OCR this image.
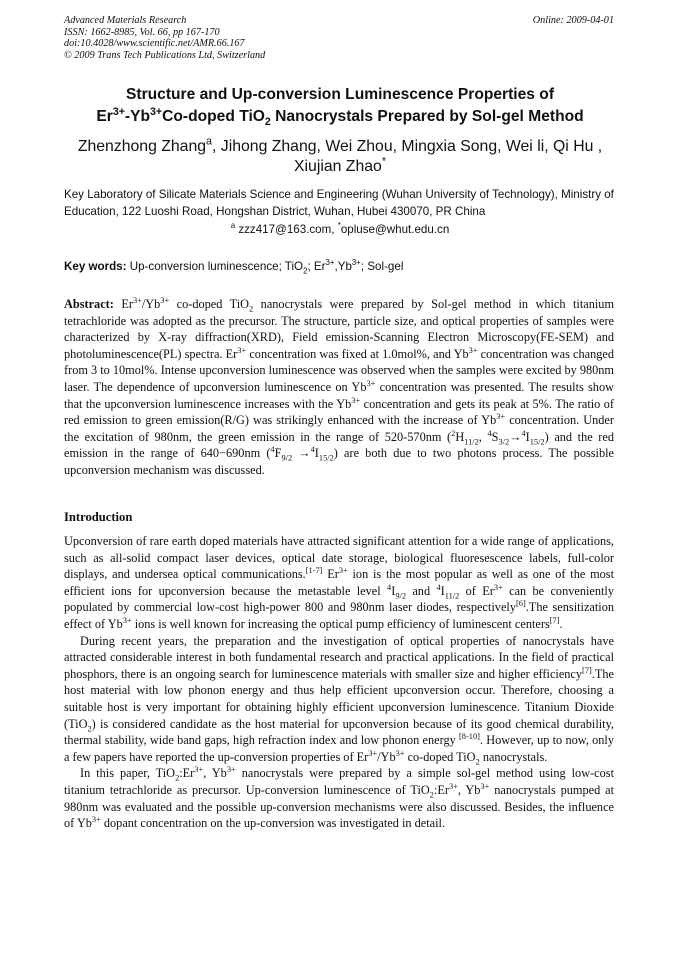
Advanced Materials Research
ISSN: 1662-8985, Vol. 66, pp 167-170
doi:10.4028/www.scientific.net/AMR.66.167
© 2009 Trans Tech Publications Ltd, Switzerland
Online: 2009-04-01
Structure and Up-conversion Luminescence Properties of
$Er^{3+}-Yb^{3+}Co$-doped TiO$_2$ Nanocrystals Prepared by Sol-gel Method
Zhenzhong Zhang$^a$, Jihong Zhang, Wei Zhou, Mingxia Song, Wei li, Qi Hu ,
Xiujian Zhao*
Key Laboratory of Silicate Materials Science and Engineering (Wuhan University of Technology), Ministry of Education, 122 Luoshi Road, Hongshan District, Wuhan, Hubei 430070, PR China
$^a$ zzz417@163.com, *opluse@whut.edu.cn
Key words: Up-conversion luminescence; TiO$_2$; $Er^{3+},Yb^{3+}$; Sol-gel

Abstract: $Er^{3+}/Yb^{3+}$ co-doped TiO$_2$ nanocrystals were prepared by Sol-gel method in which titanium tetrachloride was adopted as the precursor. The structure, particle size, and optical properties of samples were characterized by X-ray diffraction(XRD), Field emission-Scanning Electron Microscopy(FE-SEM) and photoluminescence(PL) spectra. $Er^{3+}$ concentration was fixed at 1.0mol%, and $Yb^{3+}$ concentration was changed from 3 to 10mol%. Intense upconversion luminescence was observed when the samples were excited by 980nm laser. The dependence of upconversion luminescence on $Yb^{3+}$ concentration was presented. The results show that the upconversion luminescence increases with the $Yb^{3+}$ concentration and gets its peak at 5%. The ratio of red emission to green emission(R/G) was strikingly enhanced with the increase of $Yb^{3+}$ concentration. Under the excitation of 980nm, the green emission in the range of 520-570nm ($^2H_{11/2}$, $^4S_{3/2}\to^4I_{15/2}$) and the red emission in the range of 640−690nm $(^4F_{9/2} \to^4I_{15/2})$ are both due to two photons process. The possible upconversion mechanism was discussed.

Introduction

Upconversion of rare earth doped materials have attracted significant attention for a wide range of applications, such as all-solid compact laser devices, optical date storage, biological fluoresescence labels, full-color displays, and undersea optical communications.[1-7] $Er^{3+}$ ion is the most popular as well as one of the most efficient ions for upconversion because the metastable level $^4I_{9/2}$ and $^4I_{11/2}$ of $Er^{3+}$ can be conveniently populated by commercial low-cost high-power 800 and 980nm laser diodes, respectively[6].The sensitization effect of $Yb^{3+}$ ions is well known for increasing the optical pump efficiency of luminescent centers[7].

During recent years, the preparation and the investigation of optical properties of nanocrystals have attracted considerable interest in both fundamental research and practical applications. In the field of practical phosphors, there is an ongoing search for luminescence materials with smaller size and higher efficiency[7].The host material with low phonon energy and thus help efficient upconversion occur. Therefore, choosing a suitable host is very important for obtaining highly efficient upconversion luminescence. Titanium Dioxide (TiO$_2$) is considered candidate as the host material for upconversion because of its good chemical durability, thermal stability, wide band gaps, high refraction index and low phonon energy [8-10]. However, up to now, only a few papers have reported the up-conversion properties of $Er^{3+}/Yb^{3+}$ co-doped TiO$_2$ nanocrystals.

In this paper, $TiO_2:Er^{3+}$, $Yb^{3+}$ nanocrystals were prepared by a simple sol-gel method using low-cost titanium tetrachloride as precursor. Up-conversion luminescence of $TiO_2:Er^{3+}$, $Yb^{3+}$ nanocrystals pumped at 980nm was evaluated and the possible up-conversion mechanisms were also discussed. Besides, the influence of $Yb^{3+}$ dopant concentration on the up-conversion was investigated in detail.
